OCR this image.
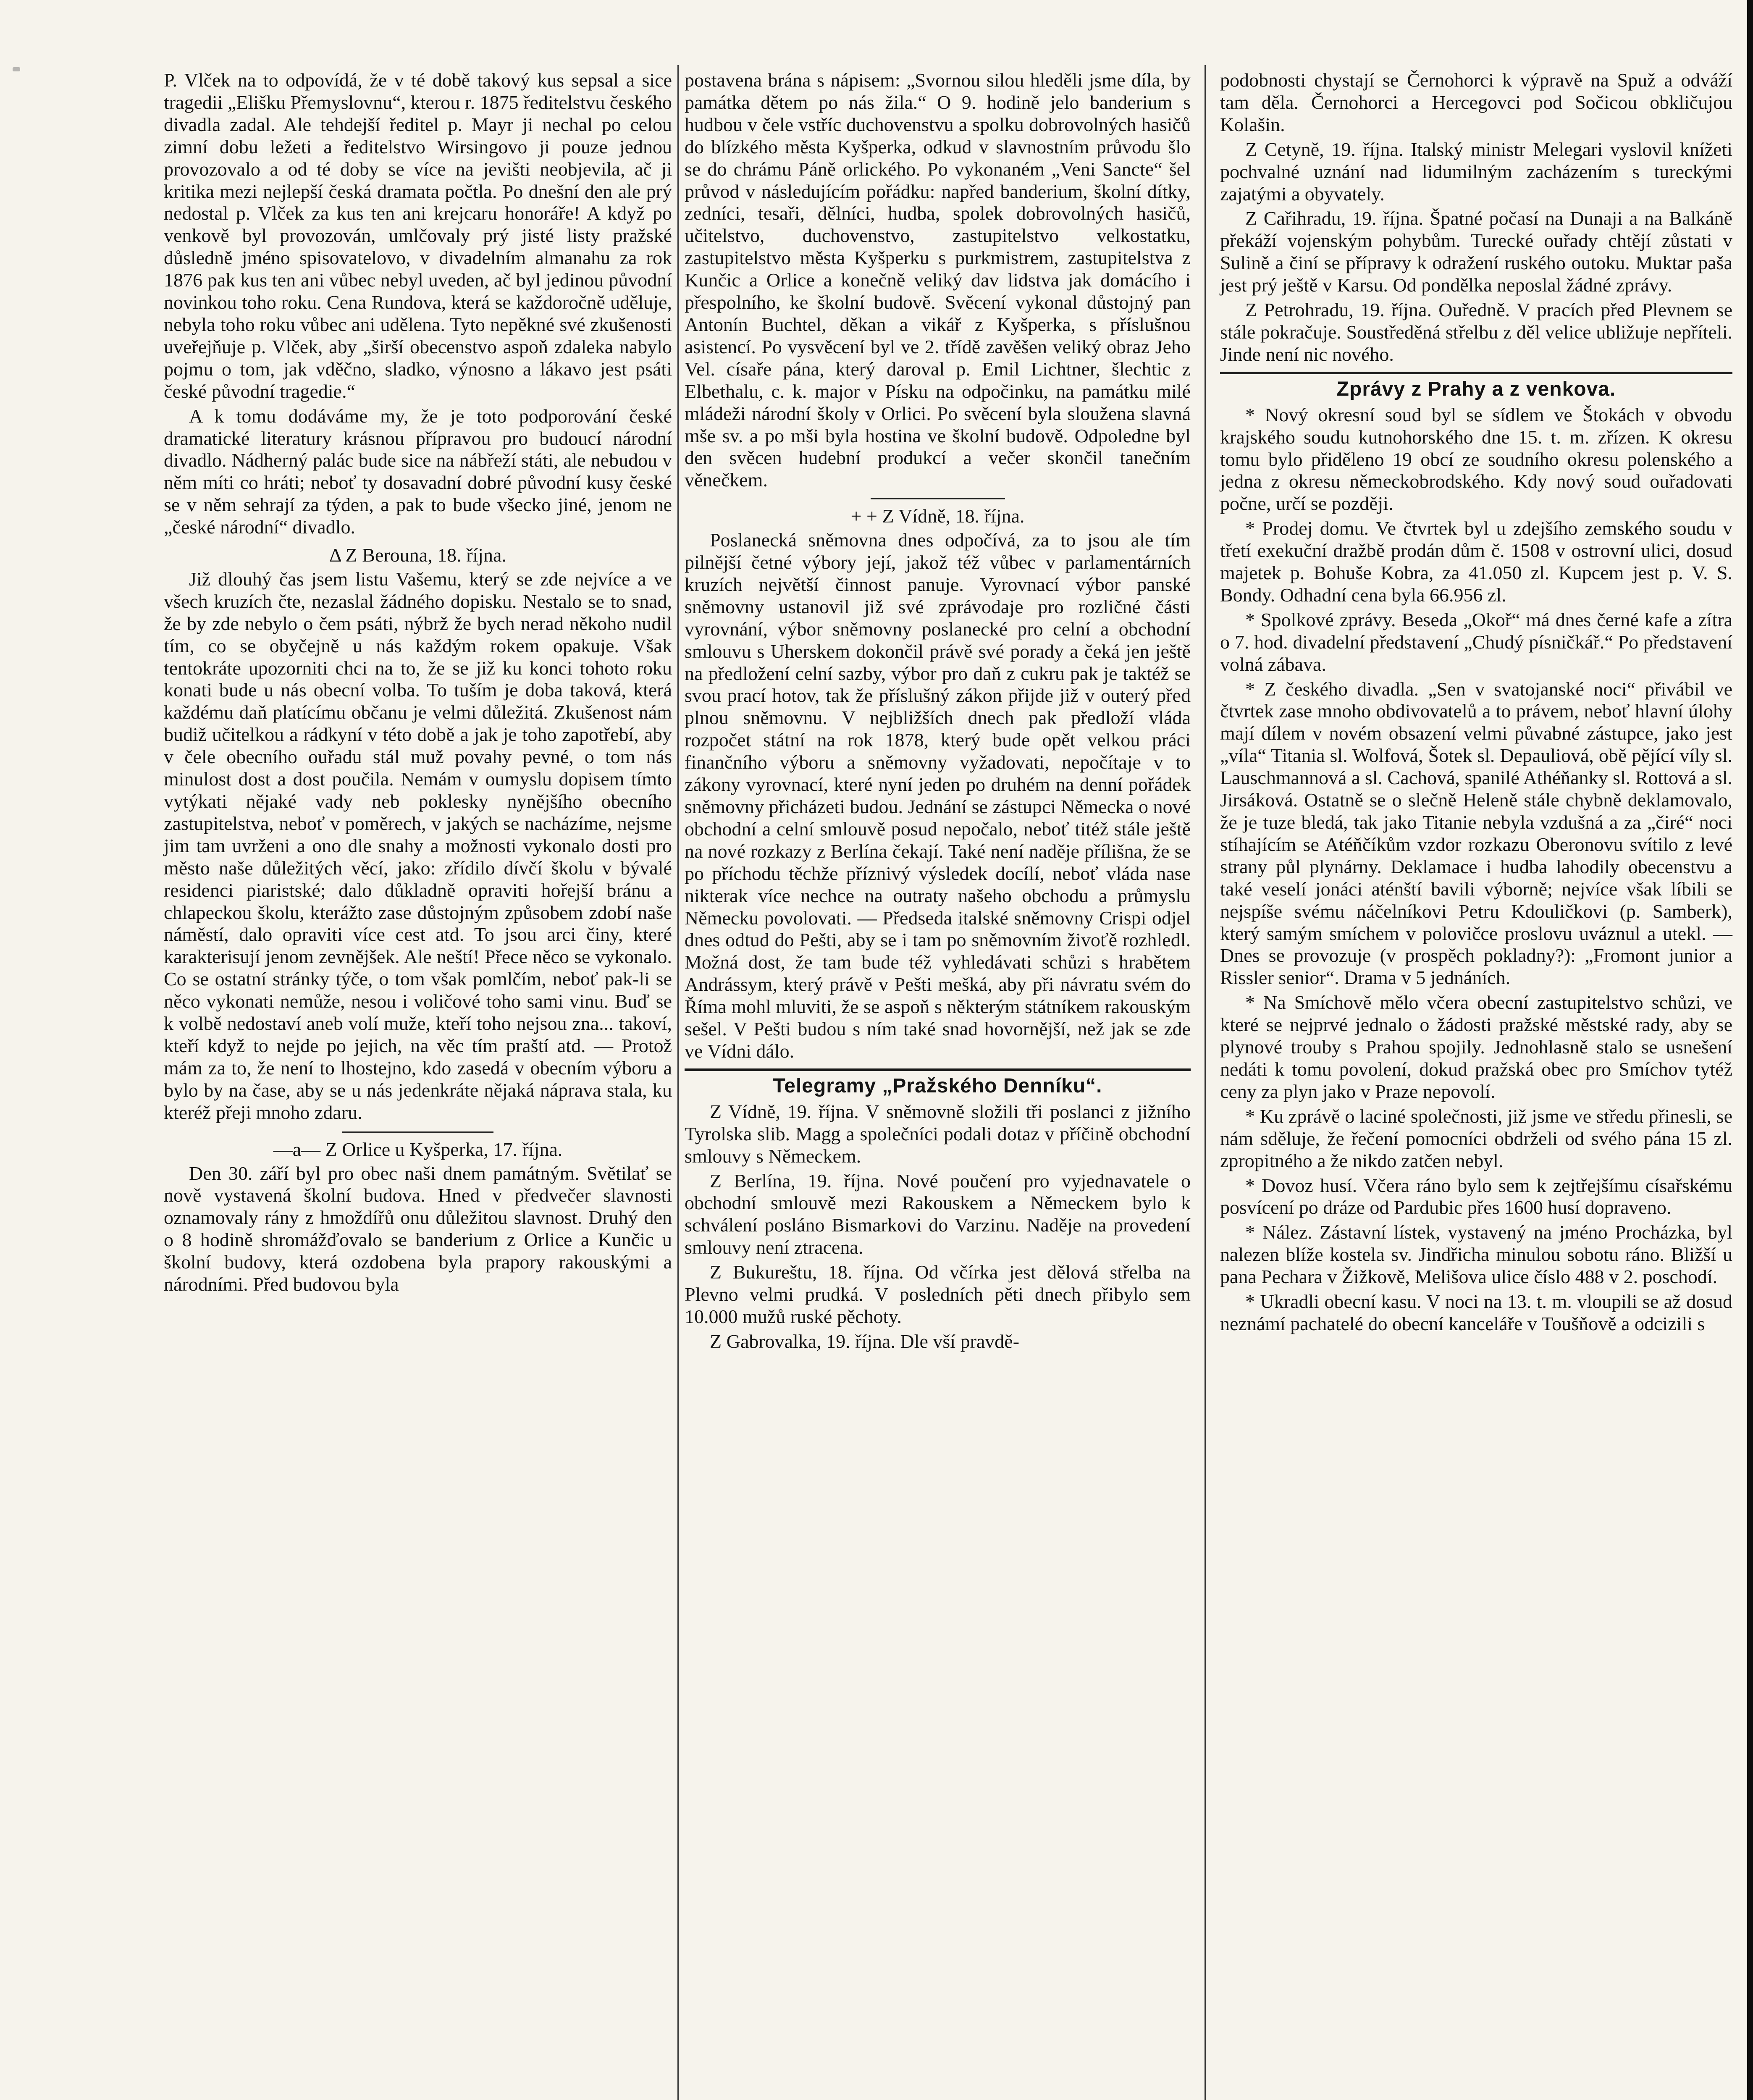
P. Vlček na to odpovídá, že v té době takový kus sepsal a sice tragedii „Elišku Přemyslovnu“, kterou r. 1875 ředitelstvu českého divadla zadal. Ale tehdejší ředitel p. Mayr ji nechal po celou zimní dobu ležeti a ředitelstvo Wirsingovo ji pouze jednou provozovalo a od té doby se více na jevišti neobjevila, ač ji kritika mezi nejlepší česká dramata počtla. Po dnešní den ale prý nedostal p. Vlček za kus ten ani krejcaru honoráře! A když po venkově byl provozován, umlčovaly prý jisté listy pražské důsledně jméno spisovatelovo, v divadelním almanahu za rok 1876 pak kus ten ani vůbec nebyl uveden, ač byl jedinou původní novinkou toho roku. Cena Rundova, která se každoročně uděluje, nebyla toho roku vůbec ani udělena. Tyto nepěkné své zkušenosti uveřejňuje p. Vlček, aby „širší obecenstvo aspoň zdaleka nabylo pojmu o tom, jak vděčno, sladko, výnosno a lákavo jest psáti české původní tragedie.“

A k tomu dodáváme my, že je toto podporování české dramatické literatury krásnou přípravou pro budoucí národní divadlo. Nádherný palác bude sice na nábřeží státi, ale nebudou v něm míti co hráti; neboť ty dosavadní dobré původní kusy české se v něm sehrají za týden, a pak to bude všecko jiné, jenom ne „české národní“ divadlo.

Δ Z Berouna, 18. října.

Již dlouhý čas jsem listu Vašemu, který se zde nejvíce a ve všech kruzích čte, nezaslal žádného dopisku. Nestalo se to snad, že by zde nebylo o čem psáti, nýbrž že bych nerad někoho nudil tím, co se obyčejně u nás každým rokem opakuje. Však tentokráte upozorniti chci na to, že se již ku konci tohoto roku konati bude u nás obecní volba. To tuším je doba taková, která každému daň platícímu občanu je velmi důležitá. Zkušenost nám budiž učitelkou a rádkyní v této době a jak je toho zapotřebí, aby v čele obecního ouřadu stál muž povahy pevné, o tom nás minulost dost a dost poučila. Nemám v oumyslu dopisem tímto vytýkati nějaké vady neb poklesky nynějšího obecního zastupitelstva, neboť v poměrech, v jakých se nacházíme, nejsme jim tam uvrženi a ono dle snahy a možnosti vykonalo dosti pro město naše důležitých věcí, jako: zřídilo dívčí školu v bývalé residenci piaristské; dalo důkladně opraviti hořejší bránu a chlapeckou školu, kterážto zase důstojným způsobem zdobí naše náměstí, dalo opraviti více cest atd. To jsou arci činy, které karakterisují jenom zevnějšek. Ale neští! Přece něco se vykonalo. Co se ostatní stránky týče, o tom však pomlčím, neboť pak-li se něco vykonati nemůže, nesou i voličové toho sami vinu. Buď se k volbě nedostaví aneb volí muže, kteří toho nejsou zna... takoví, kteří když to nejde po jejich, na věc tím praští atd. — Protož mám za to, že není to lhostejno, kdo zasedá v obecním výboru a bylo by na čase, aby se u nás jedenkráte nějaká náprava stala, ku kteréž přeji mnoho zdaru.

—a— Z Orlice u Kyšperka, 17. října.

Den 30. září byl pro obec naši dnem památným. Světilať se nově vystavená školní budova. Hned v předvečer slavnosti oznamovaly rány z hmoždířů onu důležitou slavnost. Druhý den o 8 hodině shromážďovalo se banderium z Orlice a Kunčic u školní budovy, která ozdobena byla prapory rakouskými a národními. Před budovou byla

postavena brána s nápisem: „Svornou silou hleděli jsme díla, by památka dětem po nás žila.“ O 9. hodině jelo banderium s hudbou v čele vstříc duchovenstvu a spolku dobrovolných hasičů do blízkého města Kyšperka, odkud v slavnostním průvodu šlo se do chrámu Páně orlického. Po vykonaném „Veni Sancte“ šel průvod v následujícím pořádku: napřed banderium, školní dítky, zedníci, tesaři, dělníci, hudba, spolek dobrovolných hasičů, učitelstvo, duchovenstvo, zastupitelstvo velkostatku, zastupitelstvo města Kyšperku s purkmistrem, zastupitelstva z Kunčic a Orlice a konečně veliký dav lidstva jak domácího i přespolního, ke školní budově. Svěcení vykonal důstojný pan Antonín Buchtel, děkan a vikář z Kyšperka, s příslušnou asistencí. Po vysvěcení byl ve 2. třídě zavěšen veliký obraz Jeho Vel. císaře pána, který daroval p. Emil Lichtner, šlechtic z Elbethalu, c. k. major v Písku na odpočinku, na památku milé mládeži národní školy v Orlici. Po svěcení byla sloužena slavná mše sv. a po mši byla hostina ve školní budově. Odpoledne byl den svěcen hudební produkcí a večer skončil tanečním věnečkem.

+ + Z Vídně, 18. října.

Poslanecká sněmovna dnes odpočívá, za to jsou ale tím pilnější četné výbory její, jakož též vůbec v parlamentárních kruzích největší činnost panuje. Vyrovnací výbor panské sněmovny ustanovil již své zprávodaje pro rozličné části vyrovnání, výbor sněmovny poslanecké pro celní a obchodní smlouvu s Uherskem dokončil právě své porady a čeká jen ještě na předložení celní sazby, výbor pro daň z cukru pak je taktéž se svou prací hotov, tak že příslušný zákon přijde již v outerý před plnou sněmovnu. V nejbližších dnech pak předloží vláda rozpočet státní na rok 1878, který bude opět velkou práci finančního výboru a sněmovny vyžadovati, nepočítaje v to zákony vyrovnací, které nyní jeden po druhém na denní pořádek sněmovny přicházeti budou. Jednání se zástupci Německa o nové obchodní a celní smlouvě posud nepočalo, neboť titéž stále ještě na nové rozkazy z Berlína čekají. Také není naděje přílišna, že se po příchodu těchže příznivý výsledek docílí, neboť vláda nase nikterak více nechce na outraty našeho obchodu a průmyslu Německu povolovati. — Předseda italské sněmovny Crispi odjel dnes odtud do Pešti, aby se i tam po sněmovním živoťě rozhledl. Možná dost, že tam bude též vyhledávati schůzi s hrabětem Andrássym, který právě v Pešti mešká, aby při návratu svém do Říma mohl mluviti, že se aspoň s některým státníkem rakouským sešel. V Pešti budou s ním také snad hovornější, než jak se zde ve Vídni dálo.

Telegramy „Pražského Denníku“.

Z Vídně, 19. října. V sněmovně složili tři poslanci z jižního Tyrolska slib. Magg a společníci podali dotaz v příčině obchodní smlouvy s Německem.

Z Berlína, 19. října. Nové poučení pro vyjednavatele o obchodní smlouvě mezi Rakouskem a Německem bylo k schválení posláno Bismarkovi do Varzinu. Naděje na provedení smlouvy není ztracena.

Z Bukureštu, 18. října. Od včírka jest dělová střelba na Plevno velmi prudká. V posledních pěti dnech přibylo sem 10.000 mužů ruské pěchoty.

Z Gabrovalka, 19. října. Dle vší pravdě-

podobnosti chystají se Černohorci k výpravě na Spuž a odváží tam děla. Černohorci a Hercegovci pod Sočicou obkličujou Kolašin.

Z Cetyně, 19. října. Italský ministr Melegari vyslovil knížeti pochvalné uznání nad lidumilným zacházením s tureckými zajatými a obyvately.

Z Cařihradu, 19. října. Špatné počasí na Dunaji a na Balkáně překáží vojenským pohybům. Turecké ouřady chtějí zůstati v Sulině a činí se přípravy k odražení ruského outoku. Muktar paša jest prý ještě v Karsu. Od pondělka neposlal žádné zprávy.

Z Petrohradu, 19. října. Ouředně. V pracích před Plevnem se stále pokračuje. Soustředěná střelbu z děl velice ubližuje nepříteli. Jinde není nic nového.

Zprávy z Prahy a z venkova.

* Nový okresní soud byl se sídlem ve Štokách v obvodu krajského soudu kutnohorského dne 15. t. m. zřízen. K okresu tomu bylo přiděleno 19 obcí ze soudního okresu polenského a jedna z okresu německobrodského. Kdy nový soud ouřadovati počne, určí se později.

* Prodej domu. Ve čtvrtek byl u zdejšího zemského soudu v třetí exekuční dražbě prodán dům č. 1508 v ostrovní ulici, dosud majetek p. Bohuše Kobra, za 41.050 zl. Kupcem jest p. V. S. Bondy. Odhadní cena byla 66.956 zl.

* Spolkové zprávy. Beseda „Okoř“ má dnes černé kafe a zítra o 7. hod. divadelní představení „Chudý písničkář.“ Po představení volná zábava.

* Z českého divadla. „Sen v svatojanské noci“ přivábil ve čtvrtek zase mnoho obdivovatelů a to právem, neboť hlavní úlohy mají dílem v novém obsazení velmi půvabné zástupce, jako jest „víla“ Titania sl. Wolfová, Šotek sl. Depauliová, obě pějící víly sl. Lauschmannová a sl. Cachová, spanilé Athéňanky sl. Rottová a sl. Jirsáková. Ostatně se o slečně Heleně stále chybně deklamovalo, že je tuze bledá, tak jako Titanie nebyla vzdušná a za „čiré“ noci stíhajícím se Atéňčíkům vzdor rozkazu Oberonovu svítilo z levé strany půl plynárny. Deklamace i hudba lahodily obecenstvu a také veselí jonáci aténští bavili výborně; nejvíce však líbili se nejspíše svému náčelníkovi Petru Kdouličkovi (p. Samberk), který samým smíchem v polovičce proslovu uváznul a utekl. — Dnes se provozuje (v prospěch pokladny?): „Fromont junior a Rissler senior“. Drama v 5 jednáních.

* Na Smíchově mělo včera obecní zastupitelstvo schůzi, ve které se nejprvé jednalo o žádosti pražské městské rady, aby se plynové trouby s Prahou spojily. Jednohlasně stalo se usnešení nedáti k tomu povolení, dokud pražská obec pro Smíchov tytéž ceny za plyn jako v Praze nepovolí.

* Ku zprávě o laciné společnosti, již jsme ve středu přinesli, se nám sděluje, že řečení pomocníci obdrželi od svého pána 15 zl. zpropitného a že nikdo zatčen nebyl.

* Dovoz husí. Včera ráno bylo sem k zejtřejšímu císařskému posvícení po dráze od Pardubic přes 1600 husí dopraveno.

* Nález. Zástavní lístek, vystavený na jméno Procházka, byl nalezen blíže kostela sv. Jindřicha minulou sobotu ráno. Bližší u pana Pechara v Žižkově, Melišova ulice číslo 488 v 2. poschodí.

* Ukradli obecní kasu. V noci na 13. t. m. vloupili se až dosud neznámí pachatelé do obecní kanceláře v Toušňově a odcizili s
